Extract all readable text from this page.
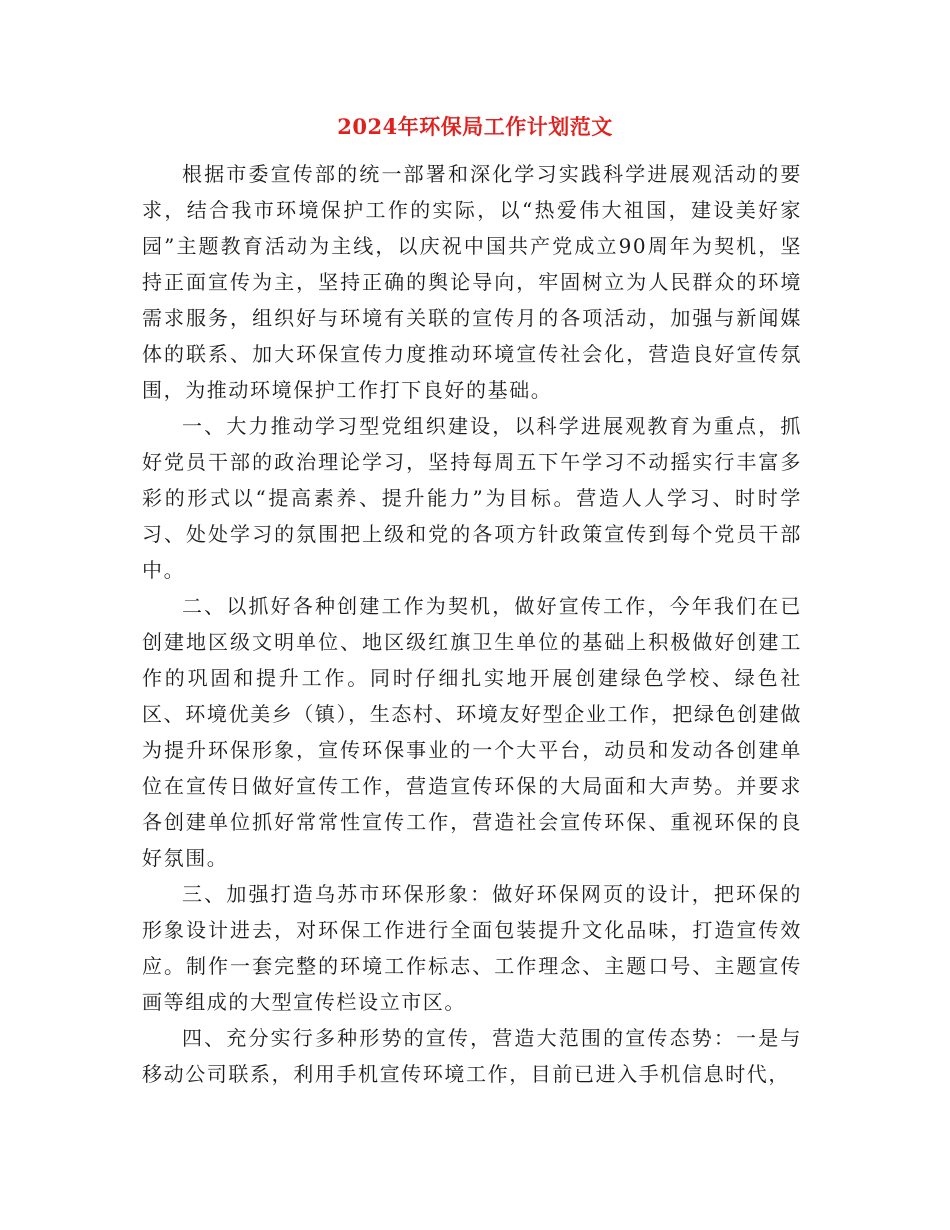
2024年环保局工作计划范文

根据市委宣传部的统一部署和深化学习实践科学进展观活动的要求，结合我市环境保护工作的实际，以“热爱伟大祖国，建设美好家园”主题教育活动为主线，以庆祝中国共产党成立90周年为契机，坚持正面宣传为主，坚持正确的舆论导向，牢固树立为人民群众的环境需求服务，组织好与环境有关联的宣传月的各项活动，加强与新闻媒体的联系、加大环保宣传力度推动环境宣传社会化，营造良好宣传氛围，为推动环境保护工作打下良好的基础。

一、大力推动学习型党组织建设，以科学进展观教育为重点，抓好党员干部的政治理论学习，坚持每周五下午学习不动摇实行丰富多彩的形式以“提高素养、提升能力”为目标。营造人人学习、时时学习、处处学习的氛围把上级和党的各项方针政策宣传到每个党员干部中。

二、以抓好各种创建工作为契机，做好宣传工作，今年我们在已创建地区级文明单位、地区级红旗卫生单位的基础上积极做好创建工作的巩固和提升工作。同时仔细扎实地开展创建绿色学校、绿色社区、环境优美乡（镇），生态村、环境友好型企业工作，把绿色创建做为提升环保形象，宣传环保事业的一个大平台，动员和发动各创建单位在宣传日做好宣传工作，营造宣传环保的大局面和大声势。并要求各创建单位抓好常常性宣传工作，营造社会宣传环保、重视环保的良好氛围。

三、加强打造乌苏市环保形象：做好环保网页的设计，把环保的形象设计进去，对环保工作进行全面包装提升文化品味，打造宣传效应。制作一套完整的环境工作标志、工作理念、主题口号、主题宣传画等组成的大型宣传栏设立市区。

四、充分实行多种形势的宣传，营造大范围的宣传态势：一是与移动公司联系，利用手机宣传环境工作，目前已进入手机信息时代，
